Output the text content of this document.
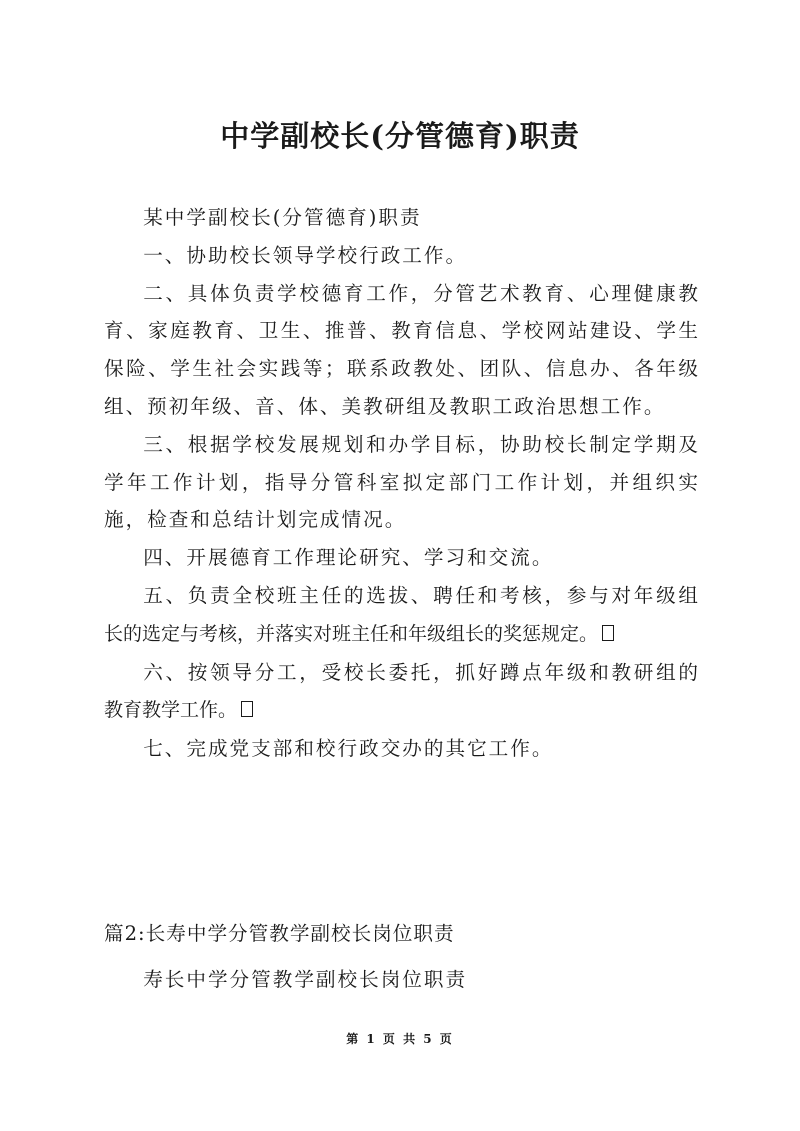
中学副校长(分管德育)职责

某中学副校长(分管德育)职责

一、协助校长领导学校行政工作。

二、具体负责学校德育工作，分管艺术教育、心理健康教育、家庭教育、卫生、推普、教育信息、学校网站建设、学生保险、学生社会实践等；联系政教处、团队、信息办、各年级组、预初年级、音、体、美教研组及教职工政治思想工作。

三、根据学校发展规划和办学目标，协助校长制定学期及学年工作计划，指导分管科室拟定部门工作计划，并组织实施，检查和总结计划完成情况。

四、开展德育工作理论研究、学习和交流。

五、负责全校班主任的选拔、聘任和考核，参与对年级组长的选定与考核，并落实对班主任和年级组长的奖惩规定。

六、按领导分工，受校长委托，抓好蹲点年级和教研组的教育教学工作。

七、完成党支部和校行政交办的其它工作。

篇2:长寿中学分管教学副校长岗位职责

寿长中学分管教学副校长岗位职责

第 1 页 共 5 页
